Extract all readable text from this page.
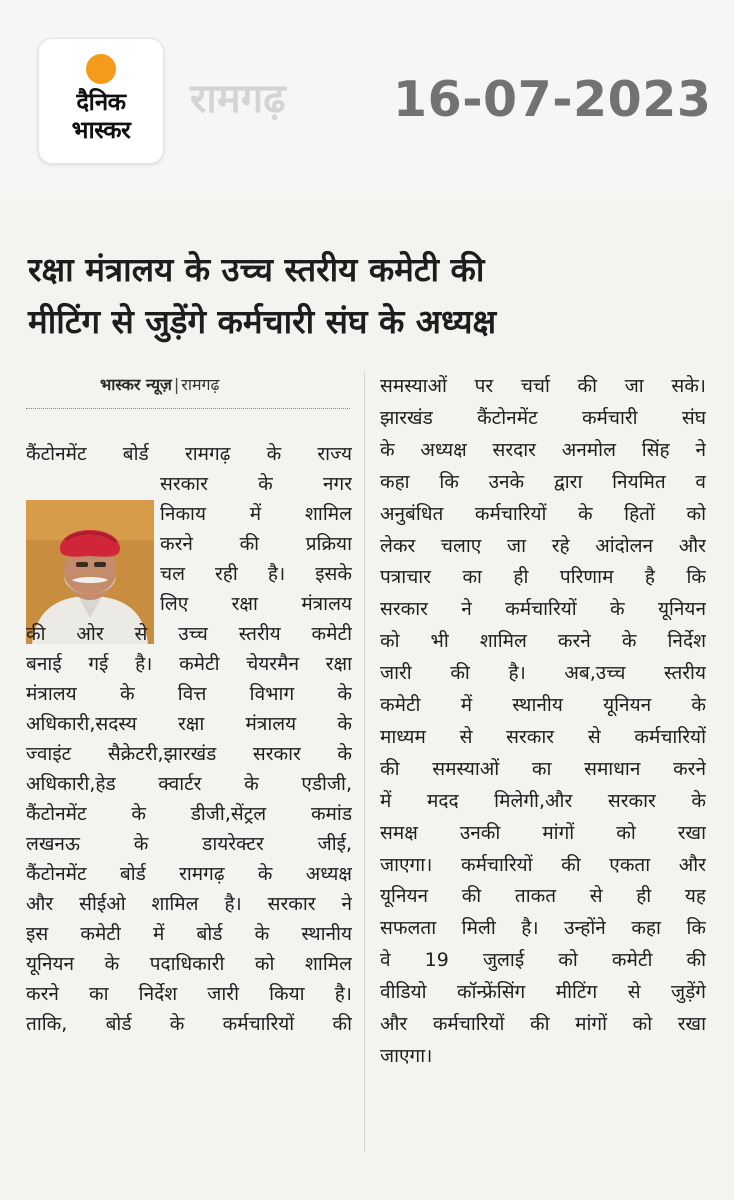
दैनिक
भास्कर
रामगढ़ 16-07-2023
रक्षा मंत्रालय के उच्च स्तरीय कमेटी की
मीटिंग से जुड़ेंगे कर्मचारी संघ के अध्यक्ष
भास्कर न्यूज़ | रामगढ़
कैंटोनमेंट बोर्ड रामगढ़ के राज्य
सरकार के नगर
निकाय में शामिल
करने की प्रक्रिया
चल रही है। इसके
लिए रक्षा मंत्रालय
की ओर से उच्च स्तरीय कमेटी
बनाई गई है। कमेटी चेयरमैन रक्षा
मंत्रालय के वित्त विभाग के
अधिकारी,सदस्य रक्षा मंत्रालय के
ज्वाइंट सैक्रेटरी,झारखंड सरकार के
अधिकारी,हेड क्वार्टर के एडीजी,
कैंटोनमेंट के डीजी,सेंट्रल कमांड
लखनऊ के डायरेक्टर जीई,
कैंटोनमेंट बोर्ड रामगढ़ के अध्यक्ष
और सीईओ शामिल है। सरकार ने
इस कमेटी में बोर्ड के स्थानीय
यूनियन के पदाधिकारी को शामिल
करने का निर्देश जारी किया है।
ताकि, बोर्ड के कर्मचारियों की
समस्याओं पर चर्चा की जा सके।
झारखंड कैंटोनमेंट कर्मचारी संघ
के अध्यक्ष सरदार अनमोल सिंह ने
कहा कि उनके द्वारा नियमित व
अनुबंधित कर्मचारियों के हितों को
लेकर चलाए जा रहे आंदोलन और
पत्राचार का ही परिणाम है कि
सरकार ने कर्मचारियों के यूनियन
को भी शामिल करने के निर्देश
जारी की है। अब,उच्च स्तरीय
कमेटी में स्थानीय यूनियन के
माध्यम से सरकार से कर्मचारियों
की समस्याओं का समाधान करने
में मदद मिलेगी,और सरकार के
समक्ष उनकी मांगों को रखा
जाएगा। कर्मचारियों की एकता और
यूनियन की ताकत से ही यह
सफलता मिली है। उन्होंने कहा कि
वे 19 जुलाई को कमेटी की
वीडियो कॉन्फ्रेंसिंग मीटिंग से जुड़ेंगे
और कर्मचारियों की मांगों को रखा
जाएगा।
